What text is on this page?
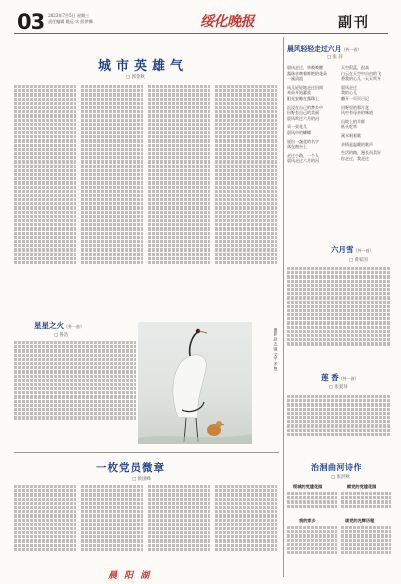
03 2023年7月5日 星期三
责任编辑 姚远·实 彭伊娜	绥化晚报	副刊
城市英雄气
□ 郭金秋
晨风轻轻走过六月（外一首）
□ 张 萍
晨风走过，草被唤醒
露珠亲吻着鲜艳的花朵
一溪清流
风儿轻轻地走过田间
麦苗开始灌浆
阳光安睡在露珠上
沉浸在自己的梦乡中
田野有自己的美丽
晨风吹过六月的河
采一束花儿
晨风中的蝴蝶
说出一盏花的名字
落在窗台上
走过小路，一个人
晨风走过六月的河
天空很蓝，很高
白云在天空中自由的飞
将我的心儿一天天吹开
晨风走过
我的心儿
翻开一页页日记
田野里的那片花
风中有母亲的味道
山坡上的羊群
低头吃草
溪水唱着歌
亲情是温暖的歌声
生活的路，漫长而美好
你走过，我走过
六月雪（外一首）
□ 黄家国
星星之火（外一首）
□ 鲁浩	摄影 赵 志 强 文字 宋 艳
莲 香（外一首）
□ 张爱珍
一枚党员微章
□ 侯国峰
治洄曲河诗作
□ 张洪秋
绥城的党建花园	赋党的党建花园
我的家乡	颂党的光辉历程
晨 阳 湖
